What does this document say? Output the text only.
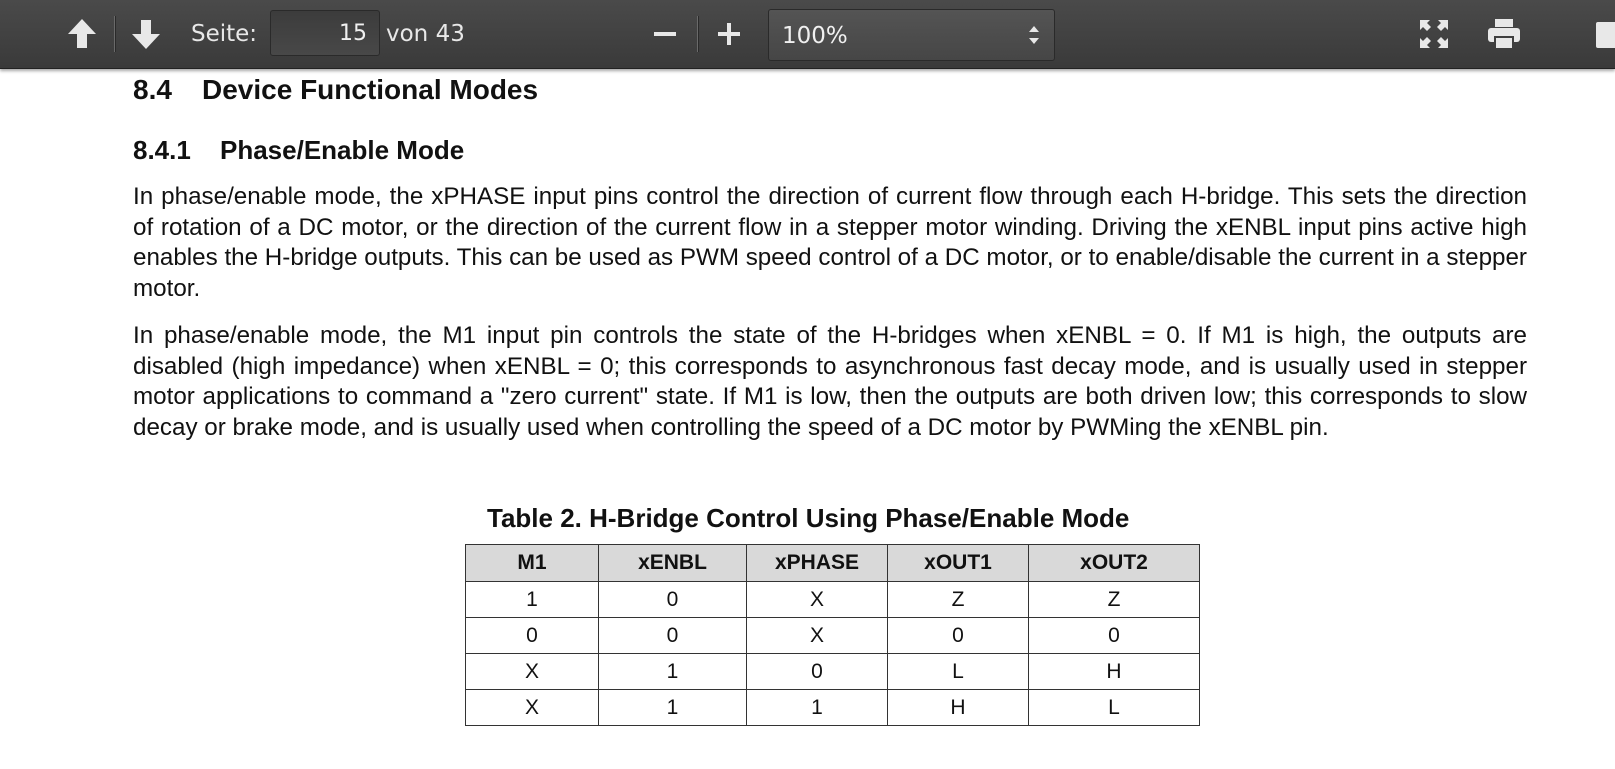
Seite:
15	von 43	100%
8.4 Device Functional Modes
8.4.1 Phase/Enable Mode

In phase/enable mode, the xPHASE input pins control the direction of current flow through each H-bridge. This sets the direction of rotation of a DC motor, or the direction of the current flow in a stepper motor winding. Driving the xENBL input pins active high enables the H-bridge outputs. This can be used as PWM speed control of a DC motor, or to enable/disable the current in a stepper motor.

In phase/enable mode, the M1 input pin controls the state of the H-bridges when xENBL = 0. If M1 is high, the outputs are disabled (high impedance) when xENBL = 0; this corresponds to asynchronous fast decay mode, and is usually used in stepper motor applications to command a "zero current" state. If M1 is low, then the outputs are both driven low; this corresponds to slow decay or brake mode, and is usually used when controlling the speed of a DC motor by PWMing the xENBL pin.

Table 2. H-Bridge Control Using Phase/Enable Mode
M1	xENBL	xPHASE	xOUT1	xOUT2
1	0	X	Z	Z
0	0	X	0	0
X	1	0	L	H
X	1	1	H	L
